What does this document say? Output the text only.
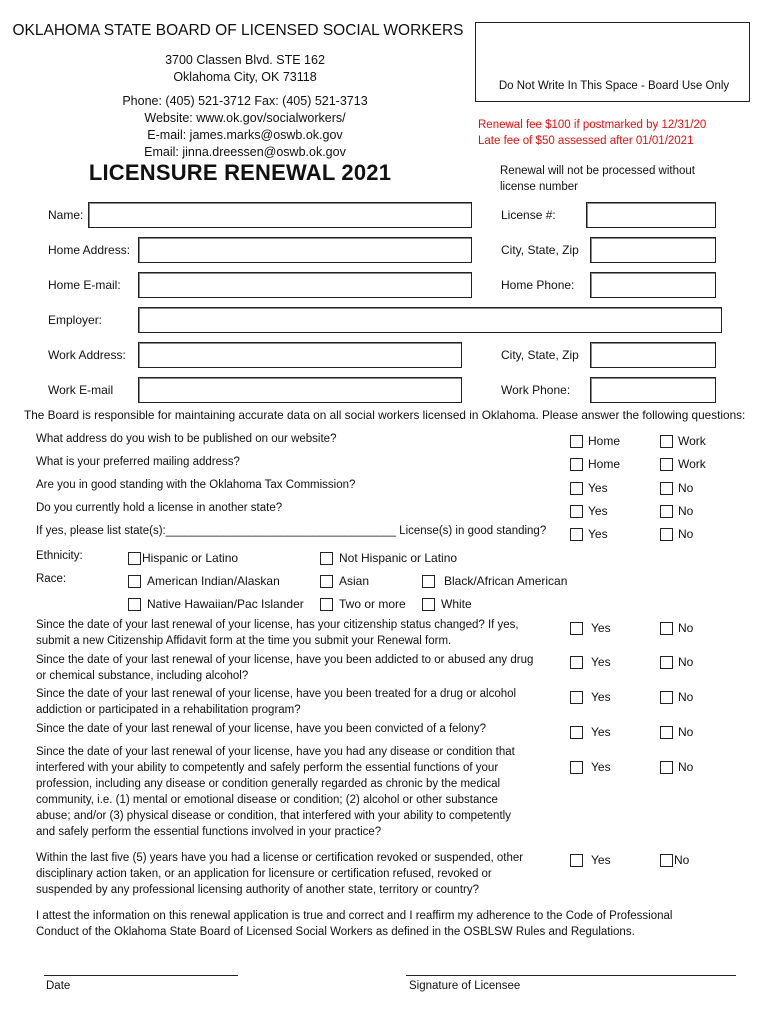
OKLAHOMA STATE BOARD OF LICENSED SOCIAL WORKERS
3700 Classen Blvd. STE 162
Oklahoma City, OK 73118
Phone: (405) 521-3712 Fax: (405) 521-3713
Website: www.ok.gov/socialworkers/
E-mail: james.marks@oswb.ok.gov
Email: jinna.dreessen@oswb.ok.gov
LICENSURE RENEWAL 2021
Do Not Write In This Space - Board Use Only
Renewal fee $100 if postmarked by 12/31/20
Late fee of $50 assessed after 01/01/2021
Renewal will not be processed without
license number
Name:	License #:
Home Address:	City, State, Zip
Home E-mail:	Home Phone:
Employer:
Work Address:	City, State, Zip
Work E-mail	Work Phone:
The Board is responsible for maintaining accurate data on all social workers licensed in Oklahoma. Please answer the following questions:
What address do you wish to be published on our website?	Home	Work
What is your preferred mailing address?	Home	Work
Are you in good standing with the Oklahoma Tax Commission?	Yes	No
Do you currently hold a license in another state?	Yes	No
If yes, please list state(s):____________________________________ License(s) in good standing?	Yes	No
Ethnicity:	Hispanic or Latino	Not Hispanic or Latino
Race:	American Indian/Alaskan	Asian	Black/African American
Native Hawaiian/Pac Islander	Two or more	White
Since the date of your last renewal of your license, has your citizenship status changed? If yes,
submit a new Citizenship Affidavit form at the time you submit your Renewal form.
Yes	No
Since the date of your last renewal of your license, have you been addicted to or abused any drug
or chemical substance, including alcohol?
Yes	No
Since the date of your last renewal of your license, have you been treated for a drug or alcohol
addiction or participated in a rehabilitation program?
Yes	No
Since the date of your last renewal of your license, have you been convicted of a felony?	Yes	No
Since the date of your last renewal of your license, have you had any disease or condition that
interfered with your ability to competently and safely perform the essential functions of your
profession, including any disease or condition generally regarded as chronic by the medical
community, i.e. (1) mental or emotional disease or condition; (2) alcohol or other substance
abuse; and/or (3) physical disease or condition, that interfered with your ability to competently
and safely perform the essential functions involved in your practice?
Yes	No
Within the last five (5) years have you had a license or certification revoked or suspended, other
disciplinary action taken, or an application for licensure or certification refused, revoked or
suspended by any professional licensing authority of another state, territory or country?
Yes	No
I attest the information on this renewal application is true and correct and I reaffirm my adherence to the Code of Professional
Conduct of the Oklahoma State Board of Licensed Social Workers as defined in the OSBLSW Rules and Regulations.
Date	Signature of Licensee
